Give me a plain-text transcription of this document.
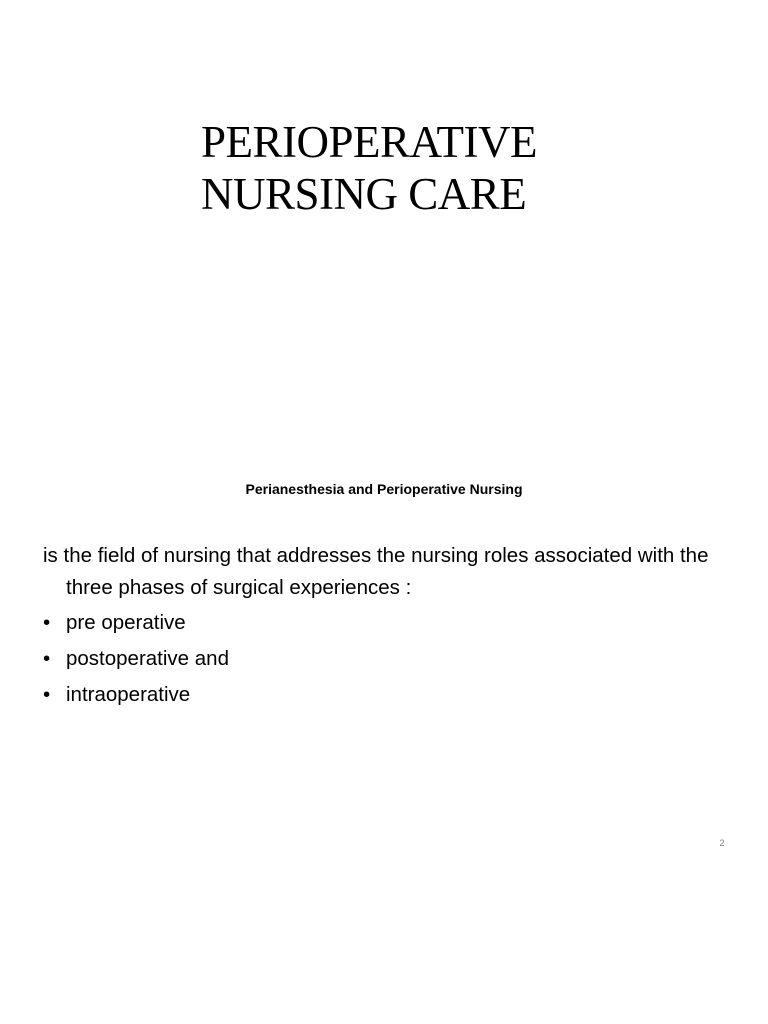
PERIOPERATIVE
NURSING CARE
Perianesthesia and Perioperative Nursing

is the field of nursing that addresses the nursing roles associated with the three phases of surgical experiences :

• pre operative
• postoperative and
• intraoperative
2
